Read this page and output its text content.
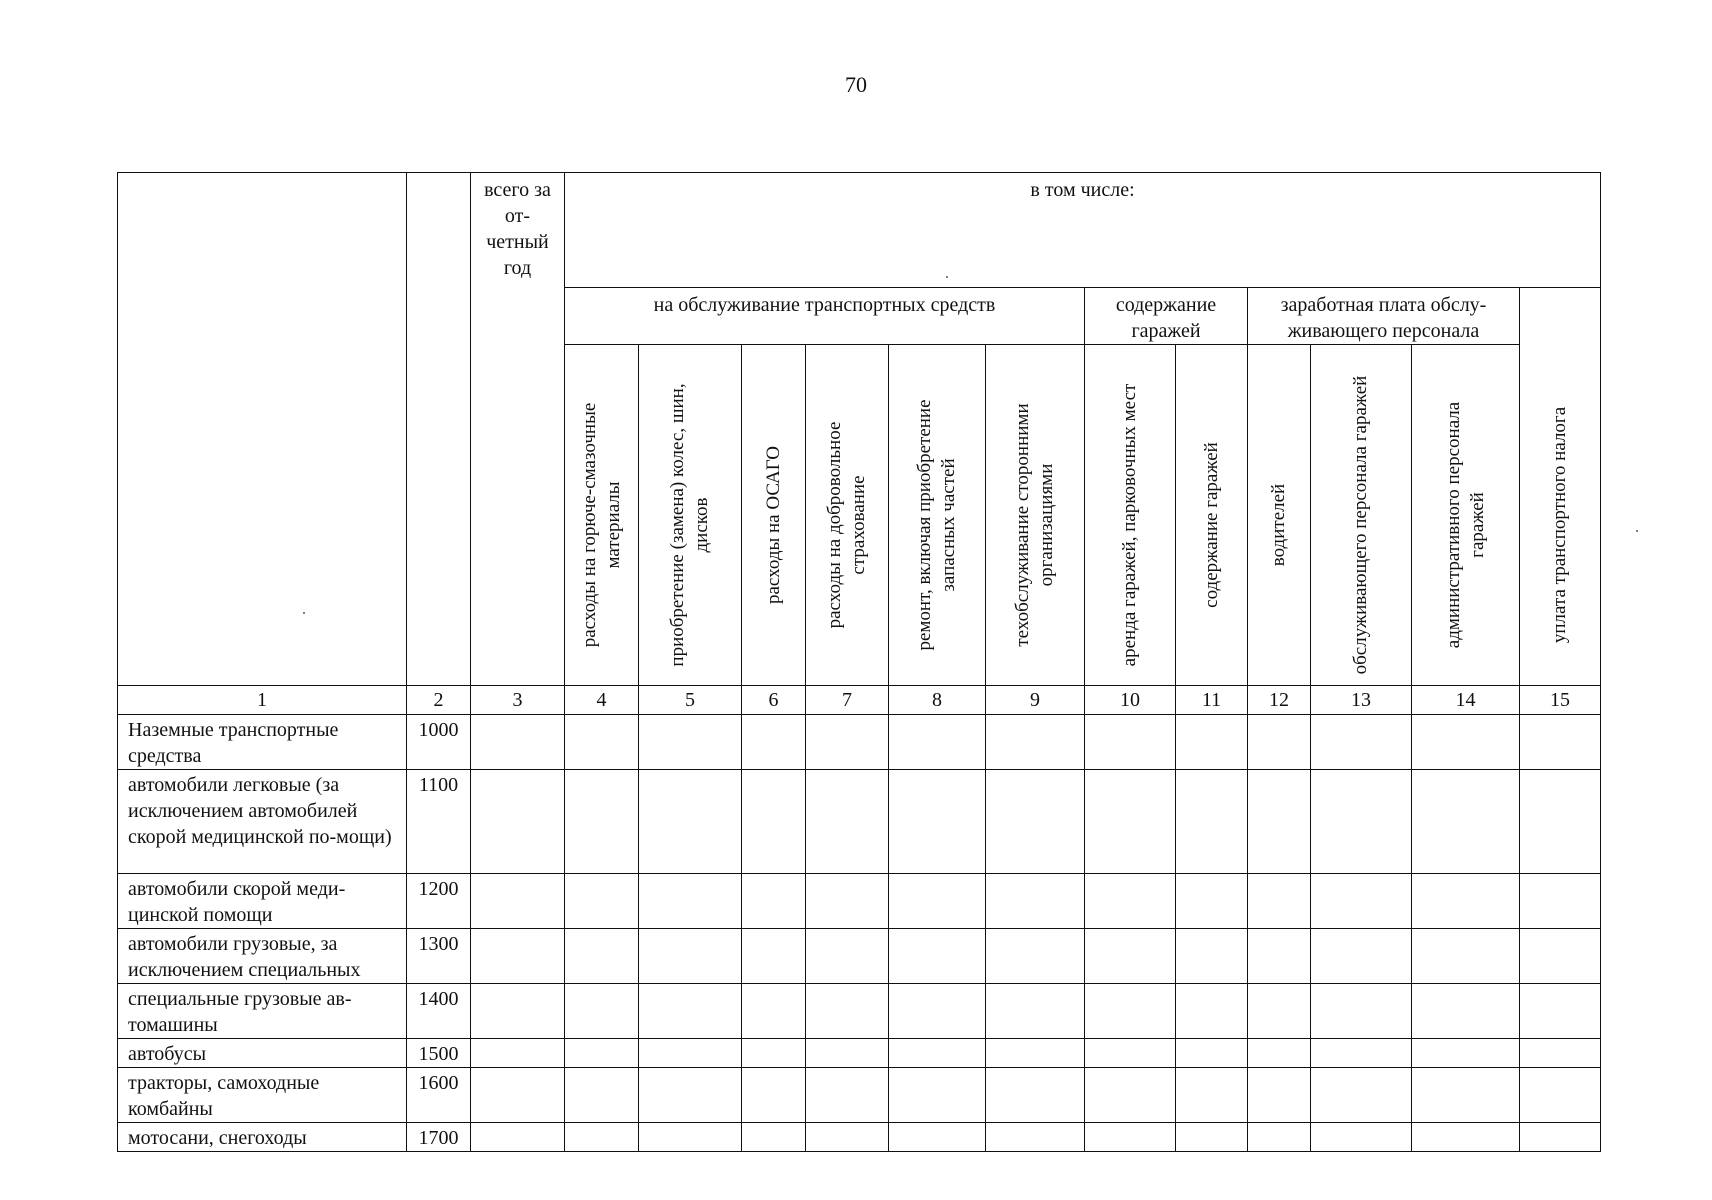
70
		всего за от-четный год	в том числе:											
			на обслуживание транспортных средств						содержание гаражей		заработная плата обслу-живающего персонала			уплата транспортного налога

			расходы на горюче-смазочные материалы	приобретение (замена) колес, шин, дисков	расходы на ОСАГО	расходы на добровольное страхование	ремонт, включая приобретение запасных частей	техобслуживание сторонними организациями	аренда гаражей, парковочных мест	содержание гаражей	водителей	обслуживающего персонала гаражей	административного персонала гаражей	

1	2	3	4	5	6	7	8	9	10	11	12	13	14	15
Наземные транспортные средства	1000													
автомобили легковые (за исключением автомобилей скорой медицинской по-мощи)	1100													
автомобили скорой меди-цинской помощи	1200													
автомобили грузовые, за исключением специальных	1300													
специальные грузовые ав-томашины	1400													
автобусы	1500													
тракторы, самоходные комбайны	1600													
мотосани, снегоходы	1700													
